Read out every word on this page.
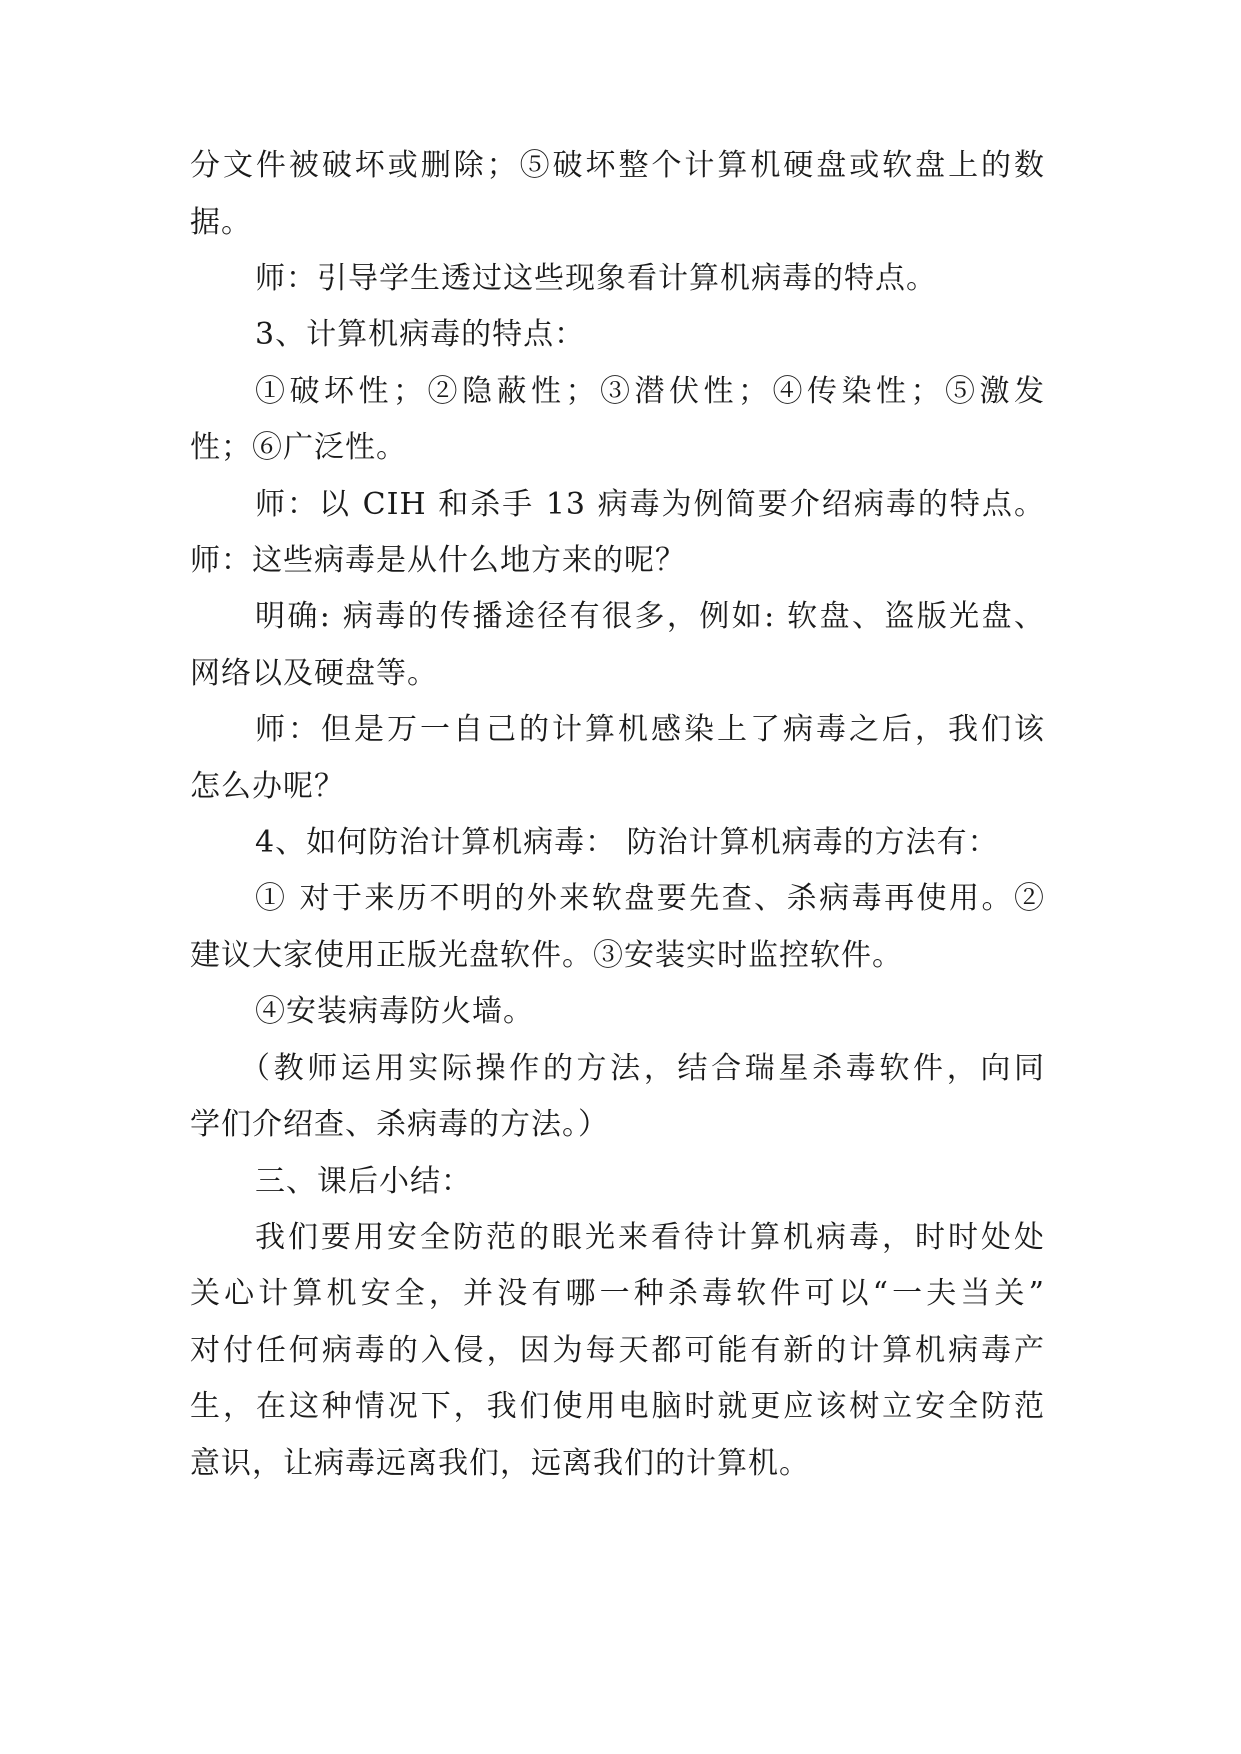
分文件被破坏或删除；⑤破坏整个计算机硬盘或软盘上的数
据。
师：引导学生透过这些现象看计算机病毒的特点。
3、计算机病毒的特点：
①破坏性；②隐蔽性；③潜伏性；④传染性；⑤激发
性；⑥广泛性。
师：以 CIH 和杀手 13 病毒为例简要介绍病毒的特点。
师：这些病毒是从什么地方来的呢？
明确: 病毒的传播途径有很多，例如: 软盘、盗版光盘、
网络以及硬盘等。
师：但是万一自己的计算机感染上了病毒之后，我们该
怎么办呢？
4、如何防治计算机病毒： 防治计算机病毒的方法有：
① 对于来历不明的外来软盘要先查、杀病毒再使用。②
建议大家使用正版光盘软件。③安装实时监控软件。
④安装病毒防火墙。
（教师运用实际操作的方法，结合瑞星杀毒软件，向同
学们介绍查、杀病毒的方法。）
三、课后小结：
我们要用安全防范的眼光来看待计算机病毒，时时处处
关心计算机安全，并没有哪一种杀毒软件可以“一夫当关”
对付任何病毒的入侵，因为每天都可能有新的计算机病毒产
生，在这种情况下，我们使用电脑时就更应该树立安全防范
意识，让病毒远离我们，远离我们的计算机。
